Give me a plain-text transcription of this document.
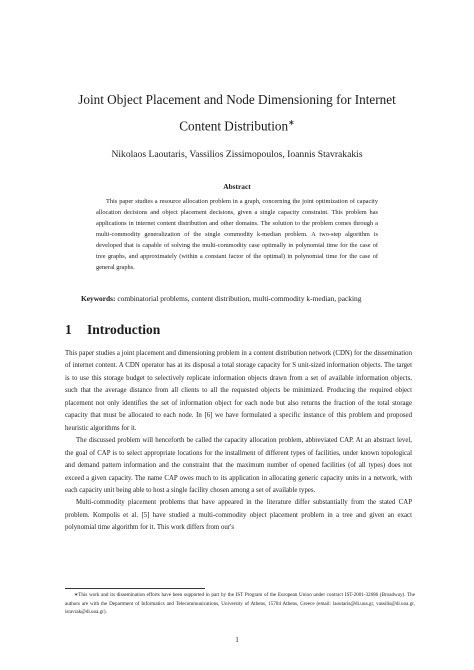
Joint Object Placement and Node Dimensioning for Internet
Content Distribution∗
Nikolaos Laoutaris, Vassilios Zissimopoulos, Ioannis Stavrakakis
Abstract

This paper studies a resource allocation problem in a graph, concerning the joint optimization of capacity allocation decisions and object placement decisions, given a single capacity constraint. This problem has applications in internet content distribution and other domains. The solution to the problem comes through a multi-commodity generalization of the single commodity k-median problem. A two-step algorithm is developed that is capable of solving the multi-commodity case optimally in polynomial time for the case of tree graphs, and approximately (within a constant factor of the optimal) in polynomial time for the case of general graphs.

Keywords: combinatorial problems, content distribution, multi-commodity k-median, packing
1 Introduction

This paper studies a joint placement and dimensioning problem in a content distribution network (CDN) for the dissemination of internet content. A CDN operator has at its disposal a total storage capacity for S unit-sized information objects. The target is to use this storage budget to selectively replicate information objects drawn from a set of available information objects, such that the average distance from all clients to all the requested objects be minimized. Producing the required object placement not only identifies the set of information object for each node but also returns the fraction of the total storage capacity that must be allocated to each node. In [6] we have formulated a specific instance of this problem and proposed heuristic algorithms for it.

The discussed problem will henceforth be called the capacity allocation problem, abbreviated CAP. At an abstract level, the goal of CAP is to select appropriate locations for the installment of different types of facilities, under known topological and demand pattern information and the constraint that the maximum number of opened facilities (of all types) does not exceed a given capacity. The name CAP owes much to its application in allocating generic capacity units in a network, with each capacity unit being able to host a single facility chosen among a set of available types.

Multi-commodity placement problems that have appeared in the literature differ substantially from the stated CAP problem. Kompolis et al. [5] have studied a multi-commodity object placement problem in a tree and given an exact polynomial time algorithm for it. This work differs from our's

∗This work and its dissemination efforts have been supported in part by the IST Program of the European Union under contract IST-2001-32686 (Broadway). The authors are with the Department of Informatics and Telecommunications, University of Athens, 15784 Athens, Greece (email: laoutaris@di.uoa.gr, vassilis@di.uoa.gr, istavrak@di.uoa.gr).

1
